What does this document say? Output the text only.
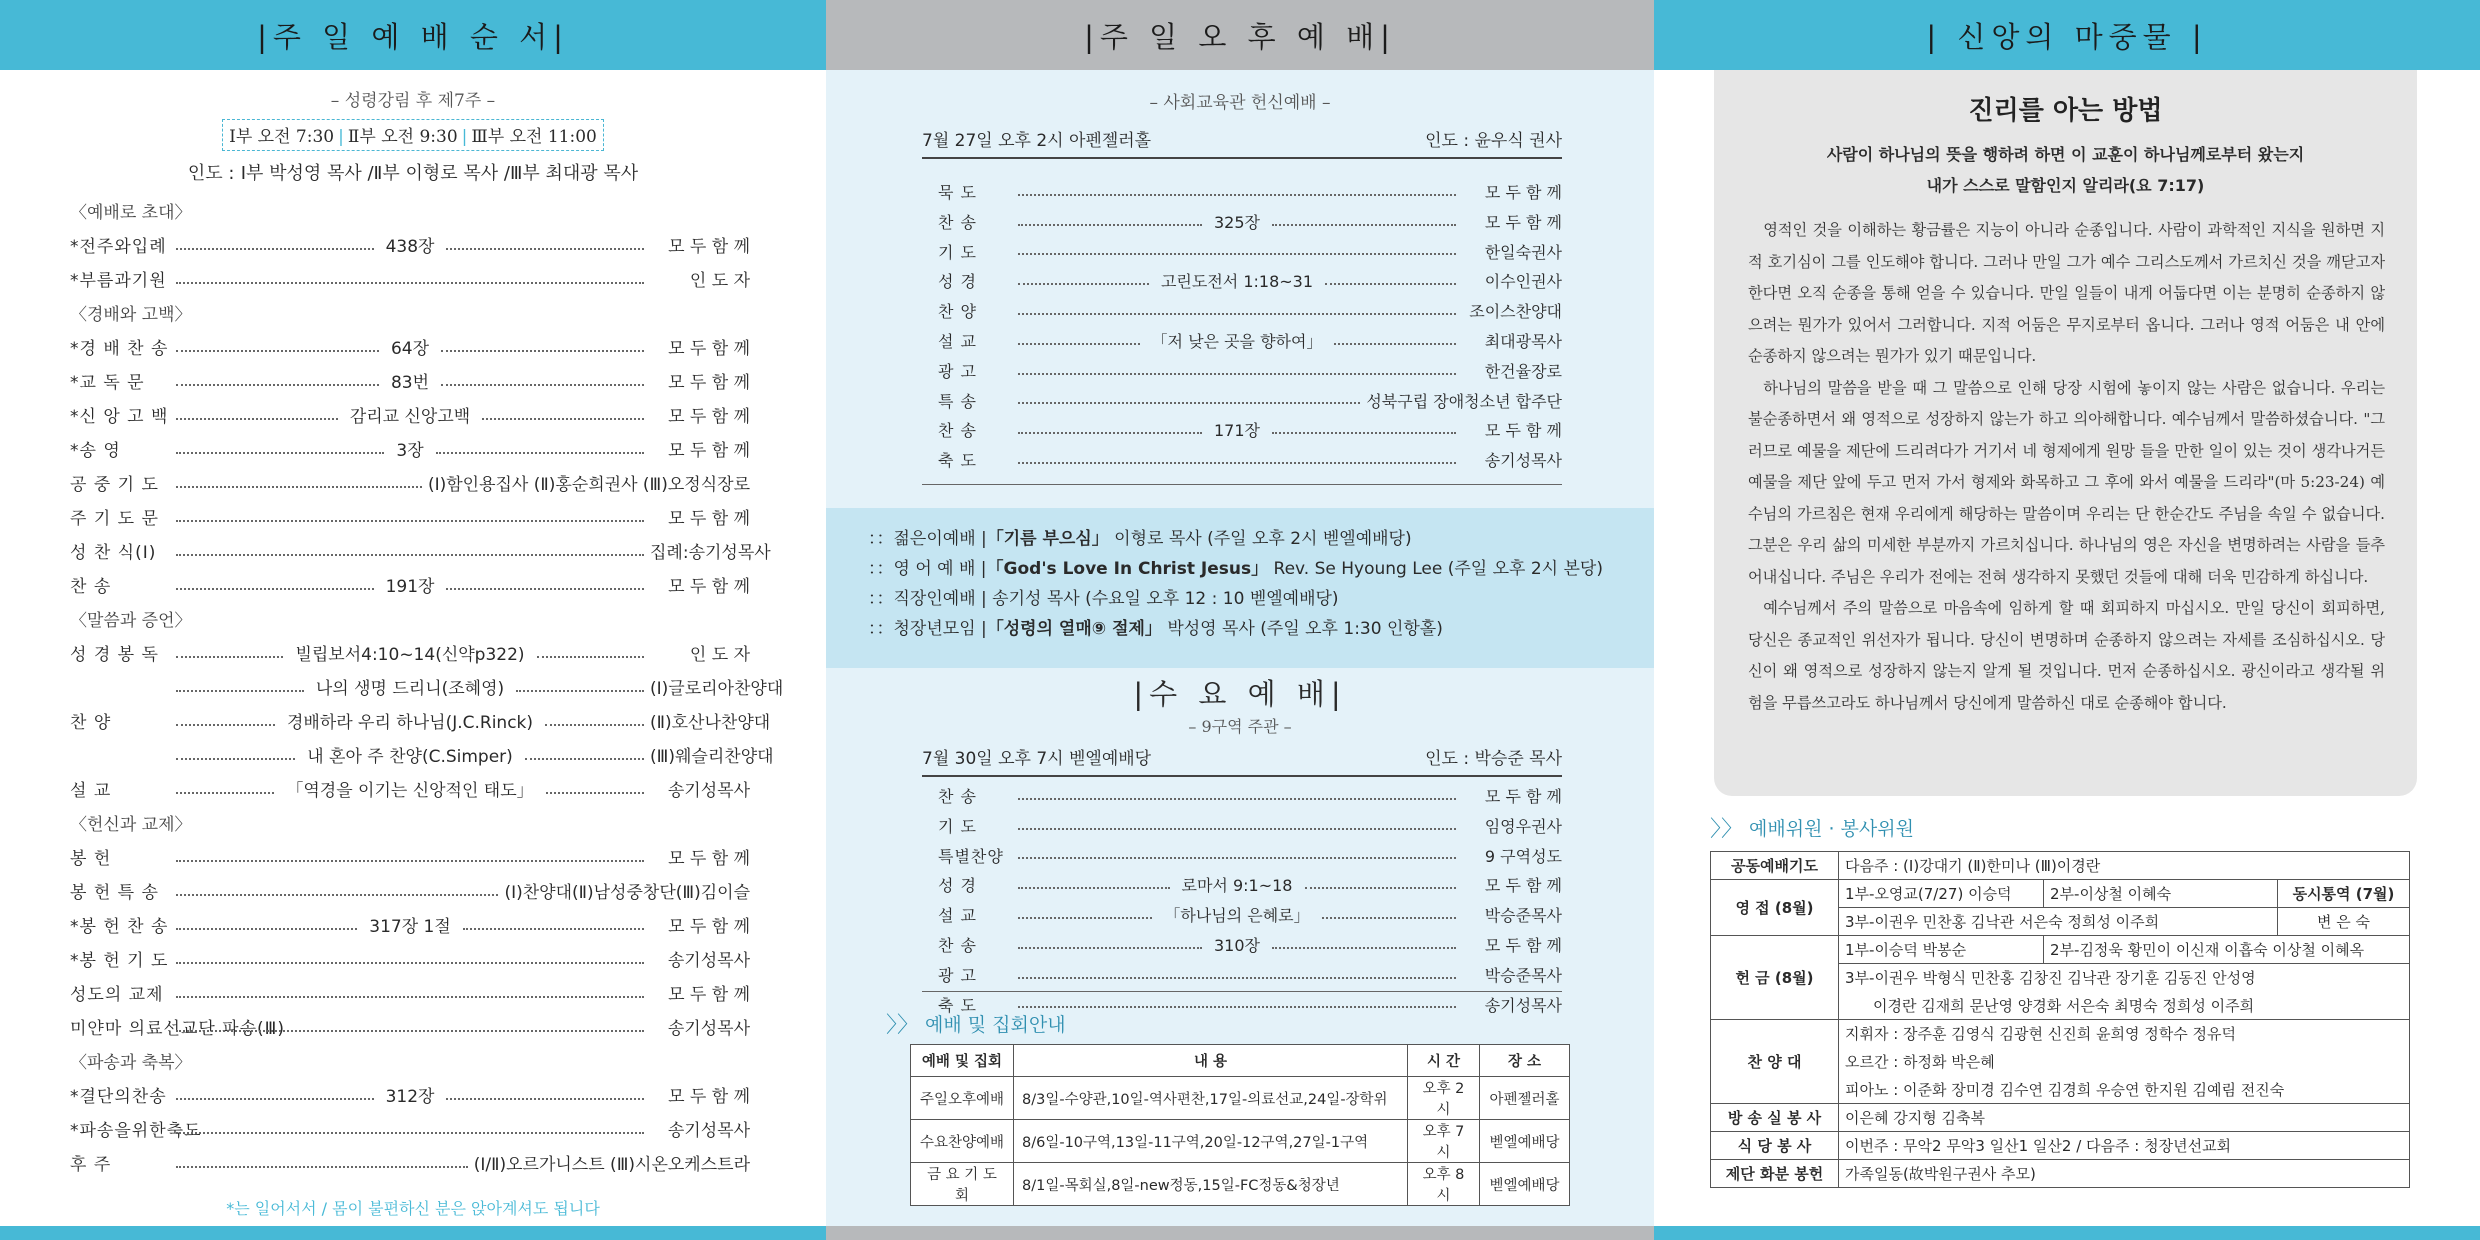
|주 일 예 배 순 서|
– 성령강림 후 제7주 –
Ⅰ부 오전 7:30 | Ⅱ부 오전 9:30 | Ⅲ부 오전 11:00
인도 : Ⅰ부 박성영 목사 /Ⅱ부 이형로 목사 /Ⅲ부 최대광 목사
〈예배로 초대〉
*전주와입례	438장	모 두 함 께
*부름과기원	인 도 자
〈경배와 고백〉
*경 배 찬 송	64장	모 두 함 께
*교 독 문	83번	모 두 함 께
*신 앙 고 백	감리교 신앙고백	모 두 함 께
*송 영	3장	모 두 함 께
공 중 기 도	(Ⅰ)함인용집사 (Ⅱ)홍순희권사 (Ⅲ)오정식장로
주 기 도 문	모 두 함 께
성 찬 식(Ⅰ)	집례:송기성목사
찬 송	191장	모 두 함 께
〈말씀과 증언〉
성 경 봉 독	빌립보서4:10~14(신약p322)	인 도 자
나의 생명 드리니(조혜영)	(Ⅰ)글로리아찬양대
찬 양	경배하라 우리 하나님(J.C.Rinck)	(Ⅱ)호산나찬양대
내 혼아 주 찬양(C.Simper)	(Ⅲ)웨슬리찬양대
설 교	「역경을 이기는 신앙적인 태도」	송기성목사
〈헌신과 교제〉
봉 헌	모 두 함 께
봉 헌 특 송	(Ⅰ)찬양대(Ⅱ)남성중창단(Ⅲ)김이슬
*봉 헌 찬 송	317장 1절	모 두 함 께
*봉 헌 기 도	송기성목사
성도의 교제	모 두 함 께
미얀마 의료선교단 파송(Ⅲ)	송기성목사
〈파송과 축복〉
*결단의찬송	312장	모 두 함 께
*파송을위한축도	송기성목사
후 주	(Ⅰ/Ⅱ)오르가니스트 (Ⅲ)시온오케스트라
*는 일어서서 / 몸이 불편하신 분은 앉아계셔도 됩니다
|주 일 오 후 예 배|
– 사회교육관 헌신예배 –
7월 27일 오후 2시 아펜젤러홀	인도 : 윤우식 권사
묵 도	모 두 함 께
찬 송	325장	모 두 함 께
기 도	한일숙권사
성 경	고린도전서 1:18~31	이수인권사
찬 양	조이스찬양대
설 교	「저 낮은 곳을 향하여」	최대광목사
광 고	한건율장로
특 송	성북구립 장애청소년 합주단
찬 송	171장	모 두 함 께
축 도	송기성목사
：：젊은이예배 |「기름 부으심」 이형로 목사 (주일 오후 2시 벧엘예배당)
：：영 어 예 배 |「God's Love In Christ Jesus」 Rev. Se Hyoung Lee (주일 오후 2시 본당)
：：직장인예배 | 송기성 목사 (수요일 오후 12 : 10 벧엘예배당)
：：청장년모임 |「성령의 열매⑨ 절제」 박성영 목사 (주일 오후 1:30 인항홀)
|수 요 예 배|
– 9구역 주관 –
7월 30일 오후 7시 벧엘예배당	인도 : 박승준 목사
찬 송	모 두 함 께
기 도	임영우권사
특별찬양	9 구역성도
성 경	로마서 9:1~18	모 두 함 께
설 교	「하나님의 은혜로」	박승준목사
찬 송	310장	모 두 함 께
광 고	박승준목사
축 도	송기성목사
〉〉 예배 및 집회안내
예배 및 집회	내 용	시 간	장 소
주일오후예배	8/3일-수양관,10일-역사편찬,17일-의료선교,24일-장학위	오후 2시	아펜젤러홀
수요찬양예배	8/6일-10구역,13일-11구역,20일-12구역,27일-1구역	오후 7시	벧엘예배당
금 요 기 도 회	8/1일-목회실,8일-new정동,15일-FC정동&청장년	오후 8시	벧엘예배당
| 신앙의 마중물 |
진리를 아는 방법
사람이 하나님의 뜻을 행하려 하면 이 교훈이 하나님께로부터 왔는지
내가 스스로 말함인지 알리라(요 7:17)

영적인 것을 이해하는 황금률은 지능이 아니라 순종입니다. 사람이 과학적인 지식을 원하면 지적 호기심이 그를 인도해야 합니다. 그러나 만일 그가 예수 그리스도께서 가르치신 것을 깨닫고자 한다면 오직 순종을 통해 얻을 수 있습니다. 만일 일들이 내게 어둡다면 이는 분명히 순종하지 않으려는 뭔가가 있어서 그러합니다. 지적 어둠은 무지로부터 옵니다. 그러나 영적 어둠은 내 안에 순종하지 않으려는 뭔가가 있기 때문입니다.

하나님의 말씀을 받을 때 그 말씀으로 인해 당장 시험에 놓이지 않는 사람은 없습니다. 우리는 불순종하면서 왜 영적으로 성장하지 않는가 하고 의아해합니다. 예수님께서 말씀하셨습니다. "그러므로 예물을 제단에 드리려다가 거기서 네 형제에게 원망 들을 만한 일이 있는 것이 생각나거든 예물을 제단 앞에 두고 먼저 가서 형제와 화목하고 그 후에 와서 예물을 드리라"(마 5:23-24) 예수님의 가르침은 현재 우리에게 해당하는 말씀이며 우리는 단 한순간도 주님을 속일 수 없습니다. 그분은 우리 삶의 미세한 부분까지 가르치십니다. 하나님의 영은 자신을 변명하려는 사람을 들추어내십니다. 주님은 우리가 전에는 전혀 생각하지 못했던 것들에 대해 더욱 민감하게 하십니다.

예수님께서 주의 말씀으로 마음속에 임하게 할 때 회피하지 마십시오. 만일 당신이 회피하면, 당신은 종교적인 위선자가 됩니다. 당신이 변명하며 순종하지 않으려는 자세를 조심하십시오. 당신이 왜 영적으로 성장하지 않는지 알게 될 것입니다. 먼저 순종하십시오. 광신이라고 생각될 위험을 무릅쓰고라도 하나님께서 당신에게 말씀하신 대로 순종해야 합니다.

〉〉 예배위원 · 봉사위원
공동예배기도	다음주 : (Ⅰ)강대기 (Ⅱ)한미나 (Ⅲ)이경란		
영 접 (8월)	1부-오영교(7/27) 이승덕	2부-이상철 이혜숙	동시통역 (7월)
	3부-이권우 민찬홍 김낙관 서은숙 정희성 이주희		변 은 숙
헌 금 (8월)	1부-이승덕 박봉순	2부-김정욱 황민이 이신재 이흡숙 이상철 이혜옥	
	3부-이권우 박형식 민찬홍 김창진 김낙관 장기훈 김동진 안성영		
	이경란 김재희 문난영 양경화 서은숙 최명숙 정희성 이주희		
찬 양 대	지휘자 : 장주훈 김영식 김광현 신진희 윤희영 정학수 정유덕		
	오르간 : 하정화 박은혜		
	피아노 : 이준화 장미경 김수연 김경희 우승연 한지원 김예림 전진숙		
방 송 실 봉 사	이은혜 강지형 김축복		
식 당 봉 사	이번주 : 무악2 무악3 일산1 일산2 / 다음주 : 청장년선교회		
제단 화분 봉헌	가족일동(故박원구권사 추모)		
